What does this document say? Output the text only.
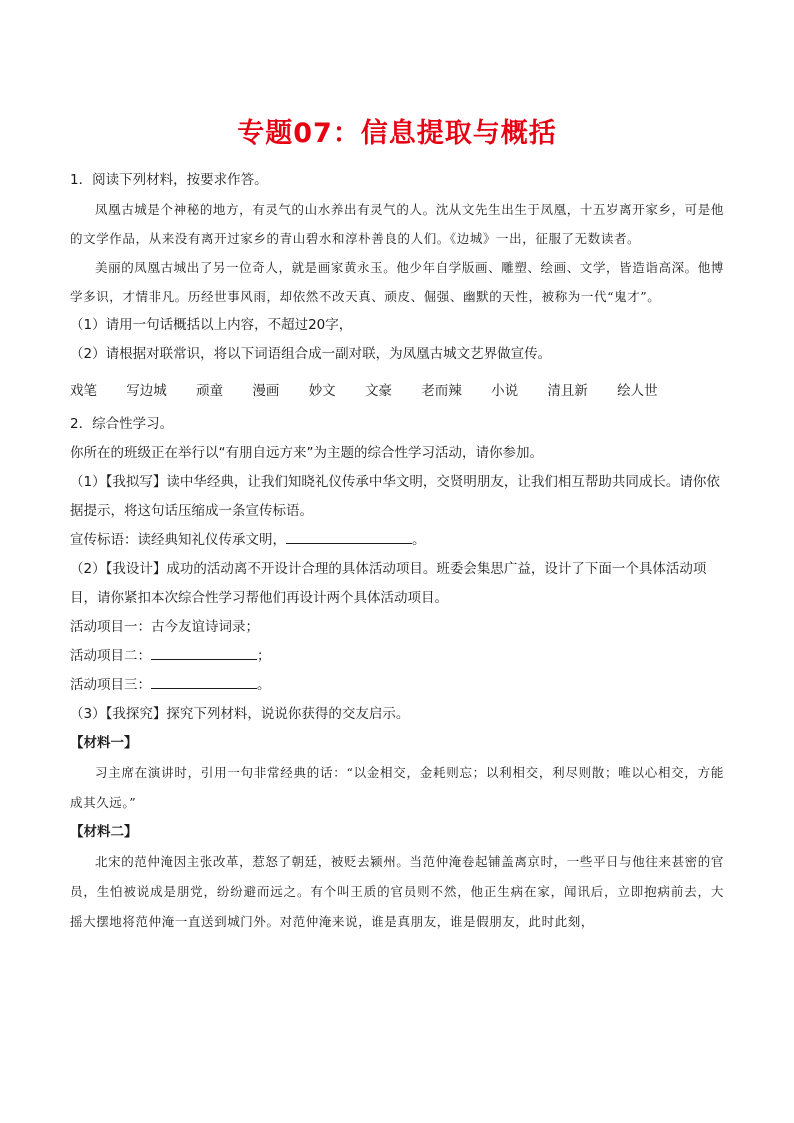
专题07：信息提取与概括

1．阅读下列材料，按要求作答。

凤凰古城是个神秘的地方，有灵气的山水养出有灵气的人。沈从文先生出生于凤凰，十五岁离开家乡，可是他的文学作品，从来没有离开过家乡的青山碧水和淳朴善良的人们。《边城》一出，征服了无数读者。

美丽的凤凰古城出了另一位奇人，就是画家黄永玉。他少年自学版画、雕塑、绘画、文学，皆造诣高深。他博学多识，才情非凡。历经世事风雨，却依然不改天真、顽皮、倔强、幽默的天性，被称为一代“鬼才”。

（1）请用一句话概括以上内容，不超过20字，

（2）请根据对联常识，将以下词语组合成一副对联，为凤凰古城文艺界做宣传。

戏笔 写边城 顽童 漫画 妙文 文豪 老而辣 小说 清且新 绘人世

2．综合性学习。

你所在的班级正在举行以“有朋自远方来”为主题的综合性学习活动，请你参加。

（1）【我拟写】读中华经典，让我们知晓礼仪传承中华文明，交贤明朋友，让我们相互帮助共同成长。请你依据提示，将这句话压缩成一条宣传标语。

宣传标语：读经典知礼仪传承文明，	。

（2）【我设计】成功的活动离不开设计合理的具体活动项目。班委会集思广益，设计了下面一个具体活动项目，请你紧扣本次综合性学习帮他们再设计两个具体活动项目。

活动项目一：古今友谊诗词录；

活动项目二：	；

活动项目三：	。

（3）【我探究】探究下列材料，说说你获得的交友启示。

【材料一】

习主席在演讲时，引用一句非常经典的话：“以金相交，金耗则忘；以利相交，利尽则散；唯以心相交，方能成其久远。”

【材料二】

北宋的范仲淹因主张改革，惹怒了朝廷，被贬去颍州。当范仲淹卷起铺盖离京时，一些平日与他往来甚密的官员，生怕被说成是朋党，纷纷避而远之。有个叫王质的官员则不然，他正生病在家，闻讯后，立即抱病前去，大摇大摆地将范仲淹一直送到城门外。对范仲淹来说，谁是真朋友，谁是假朋友，此时此刻，
